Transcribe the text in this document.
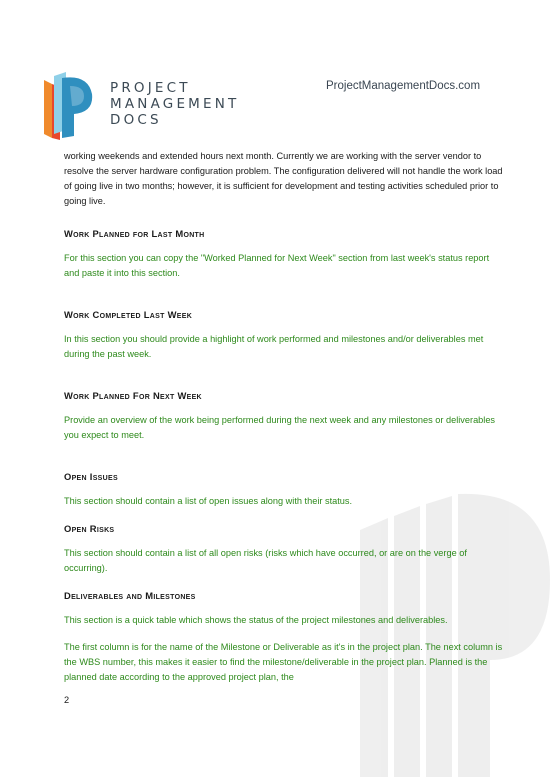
PROJECT
MANAGEMENT
DOCS
ProjectManagementDocs.com

working weekends and extended hours next month. Currently we are working with the server vendor to resolve the server hardware configuration problem. The configuration delivered will not handle the work load of going live in two months; however, it is sufficient for development and testing activities scheduled prior to going live.

Work Planned for Last Month

For this section you can copy the "Worked Planned for Next Week" section from last week's status report and paste it into this section.

Work Completed Last Week

In this section you should provide a highlight of work performed and milestones and/or deliverables met during the past week.

Work Planned For Next Week

Provide an overview of the work being performed during the next week and any milestones or deliverables you expect to meet.

Open Issues

This section should contain a list of open issues along with their status.

Open Risks

This section should contain a list of all open risks (risks which have occurred, or are on the verge of occurring).

Deliverables and Milestones

This section is a quick table which shows the status of the project milestones and deliverables.

The first column is for the name of the Milestone or Deliverable as it's in the project plan. The next column is the WBS number, this makes it easier to find the milestone/deliverable in the project plan. Planned is the planned date according to the approved project plan, the

2
